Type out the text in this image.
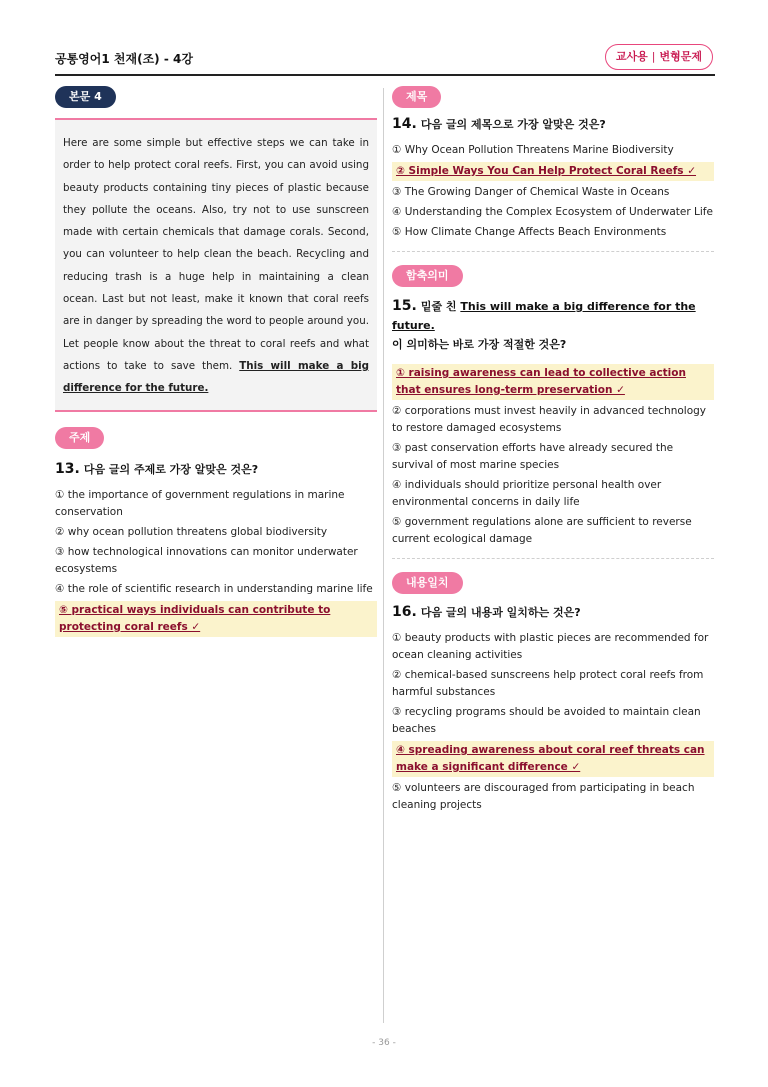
공통영어1 천재(조) - 4강	교사용 | 변형문제
본문 4
Here are some simple but effective steps we can take in order to help protect coral reefs. First, you can avoid using beauty products containing tiny pieces of plastic because they pollute the oceans. Also, try not to use sunscreen made with certain chemicals that damage corals. Second, you can volunteer to help clean the beach. Recycling and reducing trash is a huge help in maintaining a clean ocean. Last but not least, make it known that coral reefs are in danger by spreading the word to people around you. Let people know about the threat to coral reefs and what actions to take to save them. This will make a big difference for the future.
주제
13. 다음 글의 주제로 가장 알맞은 것은?
① the importance of government regulations in marine conservation
② why ocean pollution threatens global biodiversity
③ how technological innovations can monitor underwater ecosystems
④ the role of scientific research in understanding marine life
⑤ practical ways individuals can contribute to protecting coral reefs ✓
제목
14. 다음 글의 제목으로 가장 알맞은 것은?
① Why Ocean Pollution Threatens Marine Biodiversity
② Simple Ways You Can Help Protect Coral Reefs ✓
③ The Growing Danger of Chemical Waste in Oceans
④ Understanding the Complex Ecosystem of Underwater Life
⑤ How Climate Change Affects Beach Environments
함축의미
15. 밑줄 친 This will make a big difference for the future.
이 의미하는 바로 가장 적절한 것은?
① raising awareness can lead to collective action that ensures long-term preservation ✓
② corporations must invest heavily in advanced technology to restore damaged ecosystems
③ past conservation efforts have already secured the survival of most marine species
④ individuals should prioritize personal health over environmental concerns in daily life
⑤ government regulations alone are sufficient to reverse current ecological damage
내용일치
16. 다음 글의 내용과 일치하는 것은?
① beauty products with plastic pieces are recommended for ocean cleaning activities
② chemical-based sunscreens help protect coral reefs from harmful substances
③ recycling programs should be avoided to maintain clean beaches
④ spreading awareness about coral reef threats can make a significant difference ✓
⑤ volunteers are discouraged from participating in beach cleaning projects
- 36 -
